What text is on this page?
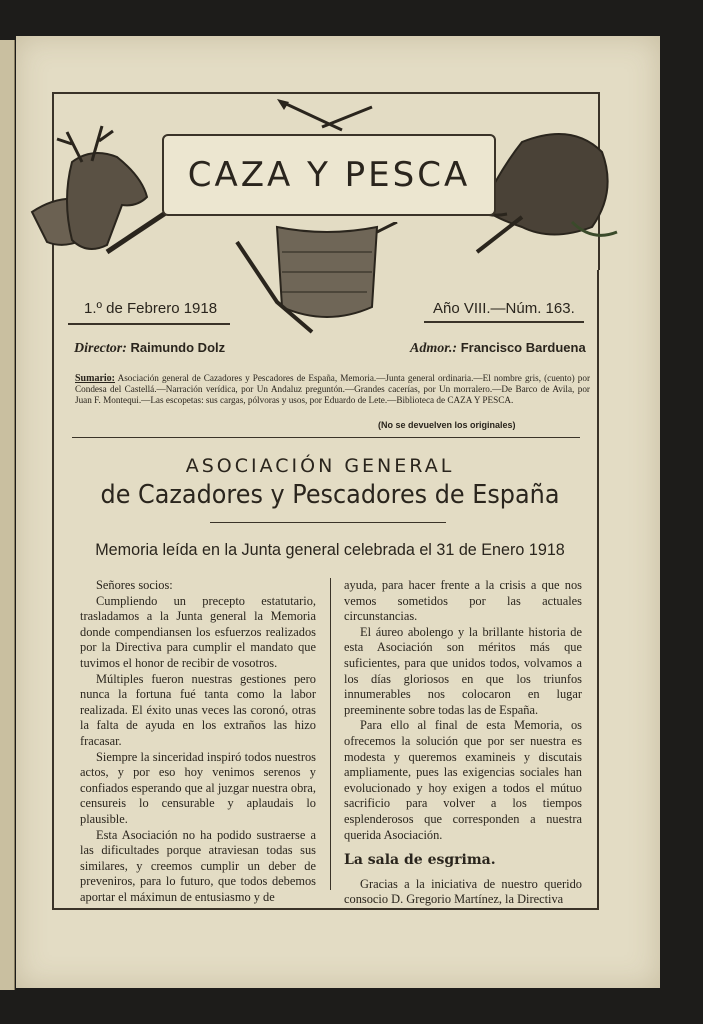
CAZA Y PESCA
1.º de Febrero 1918	Año VIII.—Núm. 163.
Director: Raimundo Dolz	Admor.: Francisco Barduena
Sumario: Asociación general de Cazadores y Pescadores de España, Memoria.—Junta general ordinaria.—El nombre gris, (cuento) por Condesa del Castellá.—Narración verídica, por Un Andaluz preguntón.—Grandes cacerías, por Un morralero.—De Barco de Avila, por Juan F. Montequi.—Las escopetas: sus cargas, pólvoras y usos, por Eduardo de Lete.—Biblioteca de CAZA Y PESCA.
(No se devuelven los originales)
ASOCIACIÓN GENERAL
de Cazadores y Pescadores de España
Memoria leída en la Junta general celebrada el 31 de Enero 1918

Señores socios:

Cumpliendo un precepto estatutario, trasladamos a la Junta general la Memoria donde compendiansen los esfuerzos realizados por la Directiva para cumplir el mandato que tuvimos el honor de recibir de vosotros.

Múltiples fueron nuestras gestiones pero nunca la fortuna fué tanta como la labor realizada. El éxito unas veces las coronó, otras la falta de ayuda en los extraños las hizo fracasar.

Siempre la sinceridad inspiró todos nuestros actos, y por eso hoy venimos serenos y confiados esperando que al juzgar nuestra obra, censureis lo censurable y aplaudais lo plausible.

Esta Asociación no ha podido sustraerse a las dificultades porque atraviesan todas sus similares, y creemos cumplir un deber de preveniros, para lo futuro, que todos debemos aportar el máximun de entusiasmo y de

ayuda, para hacer frente a la crisis a que nos vemos sometidos por las actuales circunstancias.

El áureo abolengo y la brillante historia de esta Asociación son méritos más que suficientes, para que unidos todos, volvamos a los días gloriosos en que los triunfos innumerables nos colocaron en lugar preeminente sobre todas las de España.

Para ello al final de esta Memoria, os ofrecemos la solución que por ser nuestra es modesta y queremos examineis y discutais ampliamente, pues las exigencias sociales han evolucionado y hoy exigen a todos el mútuo sacrificio para volver a los tiempos esplenderosos que corresponden a nuestra querida Asociación.

La sala de esgrima.

Gracias a la iniciativa de nuestro querido consocio D. Gregorio Martínez, la Directiva
